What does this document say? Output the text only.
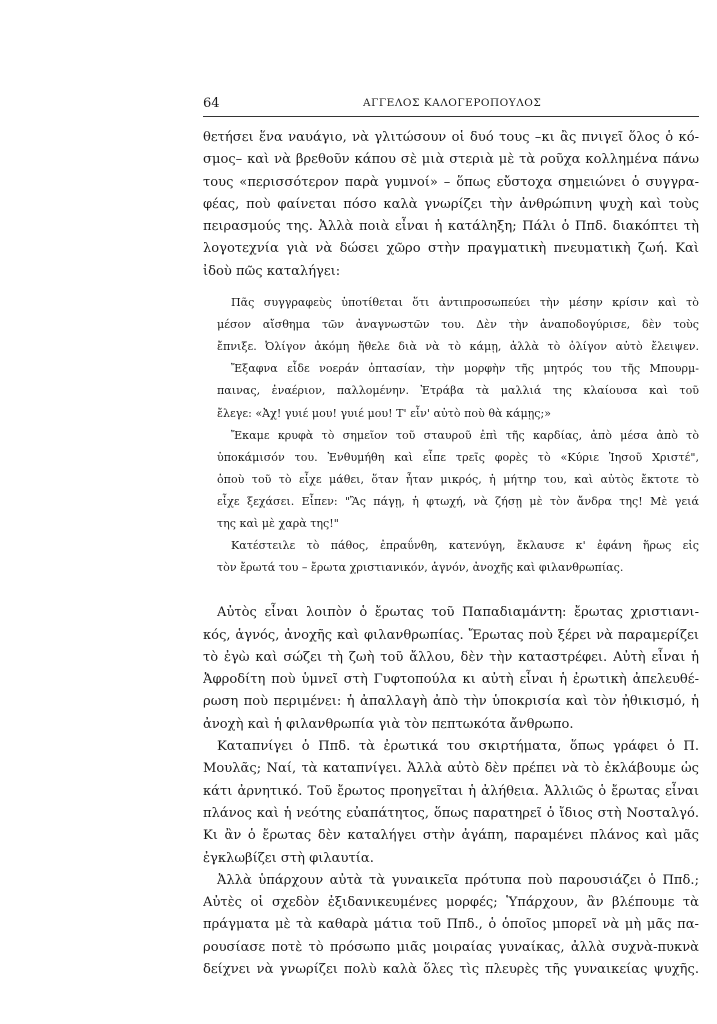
64	ΑΓΓΕΛΟΣ ΚΑΛΟΓΕΡΟΠΟΥΛΟΣ
θετήσει ἕνα ναυάγιο, νὰ γλιτώσουν οἱ δυό τους –κι ἂς πνιγεῖ ὅλος ὁ κό-
σμος– καὶ νὰ βρεθοῦν κάπου σὲ μιὰ στεριὰ μὲ τὰ ροῦχα κολλημένα πάνω
τους «περισσότερον παρὰ γυμνοί» – ὅπως εὔστοχα σημειώνει ὁ συγγρα-
φέας, ποὺ φαίνεται πόσο καλὰ γνωρίζει τὴν ἀνθρώπινη ψυχὴ καὶ τοὺς
πειρασμούς της. Ἀλλὰ ποιὰ εἶναι ἡ κατάληξη; Πάλι ὁ Ππδ. διακόπτει τὴ
λογοτεχνία γιὰ νὰ δώσει χῶρο στὴν πραγματικὴ πνευματικὴ ζωή. Καὶ
ἰδοὺ πῶς καταλήγει:
Πᾶς συγγραφεὺς ὑποτίθεται ὅτι ἀντιπροσωπεύει τὴν μέσην κρίσιν καὶ τὸ
μέσον αἴσθημα τῶν ἀναγνωστῶν του. Δὲν τὴν ἀναποδογύρισε, δὲν τοὺς
ἔπνιξε. Ὀλίγον ἀκόμη ἤθελε διὰ νὰ τὸ κάμῃ, ἀλλὰ τὸ ὀλίγον αὐτὸ ἔλειψεν.
Ἔξαφνα εἶδε νοεράν ὀπτασίαν, τὴν μορφὴν τῆς μητρός του τῆς Μπουρμ-
παινας, ἐναέριον, παλλομένην. Ἐτράβα τὰ μαλλιά της κλαίουσα καὶ τοῦ
ἔλεγε: «Ἀχ! γυιέ μου! γυιέ μου! Τ' εἶν' αὐτὸ ποὺ θὰ κάμῃς;»
Ἔκαμε κρυφὰ τὸ σημεῖον τοῦ σταυροῦ ἐπὶ τῆς καρδίας, ἀπὸ μέσα ἀπὸ τὸ
ὑποκάμισόν του. Ἐνθυμήθη καὶ εἶπε τρεῖς φορὲς τὸ «Κύριε Ἰησοῦ Χριστέ",
ὁποὺ τοῦ τὸ εἶχε μάθει, ὅταν ἦταν μικρός, ἡ μήτηρ του, καὶ αὐτὸς ἔκτοτε τὸ
εἶχε ξεχάσει. Εἶπεν: "Ἂς πάγῃ, ἡ φτωχή, νὰ ζήσῃ μὲ τὸν ἄνδρα της! Μὲ γειά
της καὶ μὲ χαρὰ της!"
Κατέστειλε τὸ πάθος, ἐπραΰνθη, κατενύγη, ἔκλαυσε κ' ἐφάνη ἥρως εἰς
τὸν ἔρωτά του – ἔρωτα χριστιανικόν, ἁγνόν, ἀνοχῆς καὶ φιλανθρωπίας.
Αὐτὸς εἶναι λοιπὸν ὁ ἔρωτας τοῦ Παπαδιαμάντη: ἔρωτας χριστιανι-
κός, ἁγνός, ἀνοχῆς καὶ φιλανθρωπίας. Ἔρωτας ποὺ ξέρει νὰ παραμερίζει
τὸ ἐγὼ καὶ σώζει τὴ ζωὴ τοῦ ἄλλου, δὲν τὴν καταστρέφει. Αὐτὴ εἶναι ἡ
Ἀφροδίτη ποὺ ὑμνεῖ στὴ Γυφτοπούλα κι αὐτὴ εἶναι ἡ ἐρωτικὴ ἀπελευθέ-
ρωση ποὺ περιμένει: ἡ ἀπαλλαγὴ ἀπὸ τὴν ὑποκρισία καὶ τὸν ἠθικισμό, ἡ
ἀνοχὴ καὶ ἡ φιλανθρωπία γιὰ τὸν πεπτωκότα ἄνθρωπο.
Καταπνίγει ὁ Ππδ. τὰ ἐρωτικά του σκιρτήματα, ὅπως γράφει ὁ Π.
Μουλᾶς; Ναί, τὰ καταπνίγει. Ἀλλὰ αὐτὸ δὲν πρέπει νὰ τὸ ἐκλάβουμε ὡς
κάτι ἀρνητικό. Τοῦ ἔρωτος προηγεῖται ἡ ἀλήθεια. Ἀλλιῶς ὁ ἔρωτας εἶναι
πλάνος καὶ ἡ νεότης εὐαπάτητος, ὅπως παρατηρεῖ ὁ ἴδιος στὴ Νοσταλγό.
Κι ἂν ὁ ἔρωτας δὲν καταλήγει στὴν ἀγάπη, παραμένει πλάνος καὶ μᾶς
ἐγκλωβίζει στὴ φιλαυτία.
Ἀλλὰ ὑπάρχουν αὐτὰ τὰ γυναικεῖα πρότυπα ποὺ παρουσιάζει ὁ Ππδ.;
Αὐτὲς οἱ σχεδὸν ἐξιδανικευμένες μορφές; Ὑπάρχουν, ἂν βλέπουμε τὰ
πράγματα μὲ τὰ καθαρὰ μάτια τοῦ Ππδ., ὁ ὁποῖος μπορεῖ νὰ μὴ μᾶς πα-
ρουσίασε ποτὲ τὸ πρόσωπο μιᾶς μοιραίας γυναίκας, ἀλλὰ συχνὰ-πυκνὰ
δείχνει νὰ γνωρίζει πολὺ καλὰ ὅλες τὶς πλευρὲς τῆς γυναικείας ψυχῆς.
